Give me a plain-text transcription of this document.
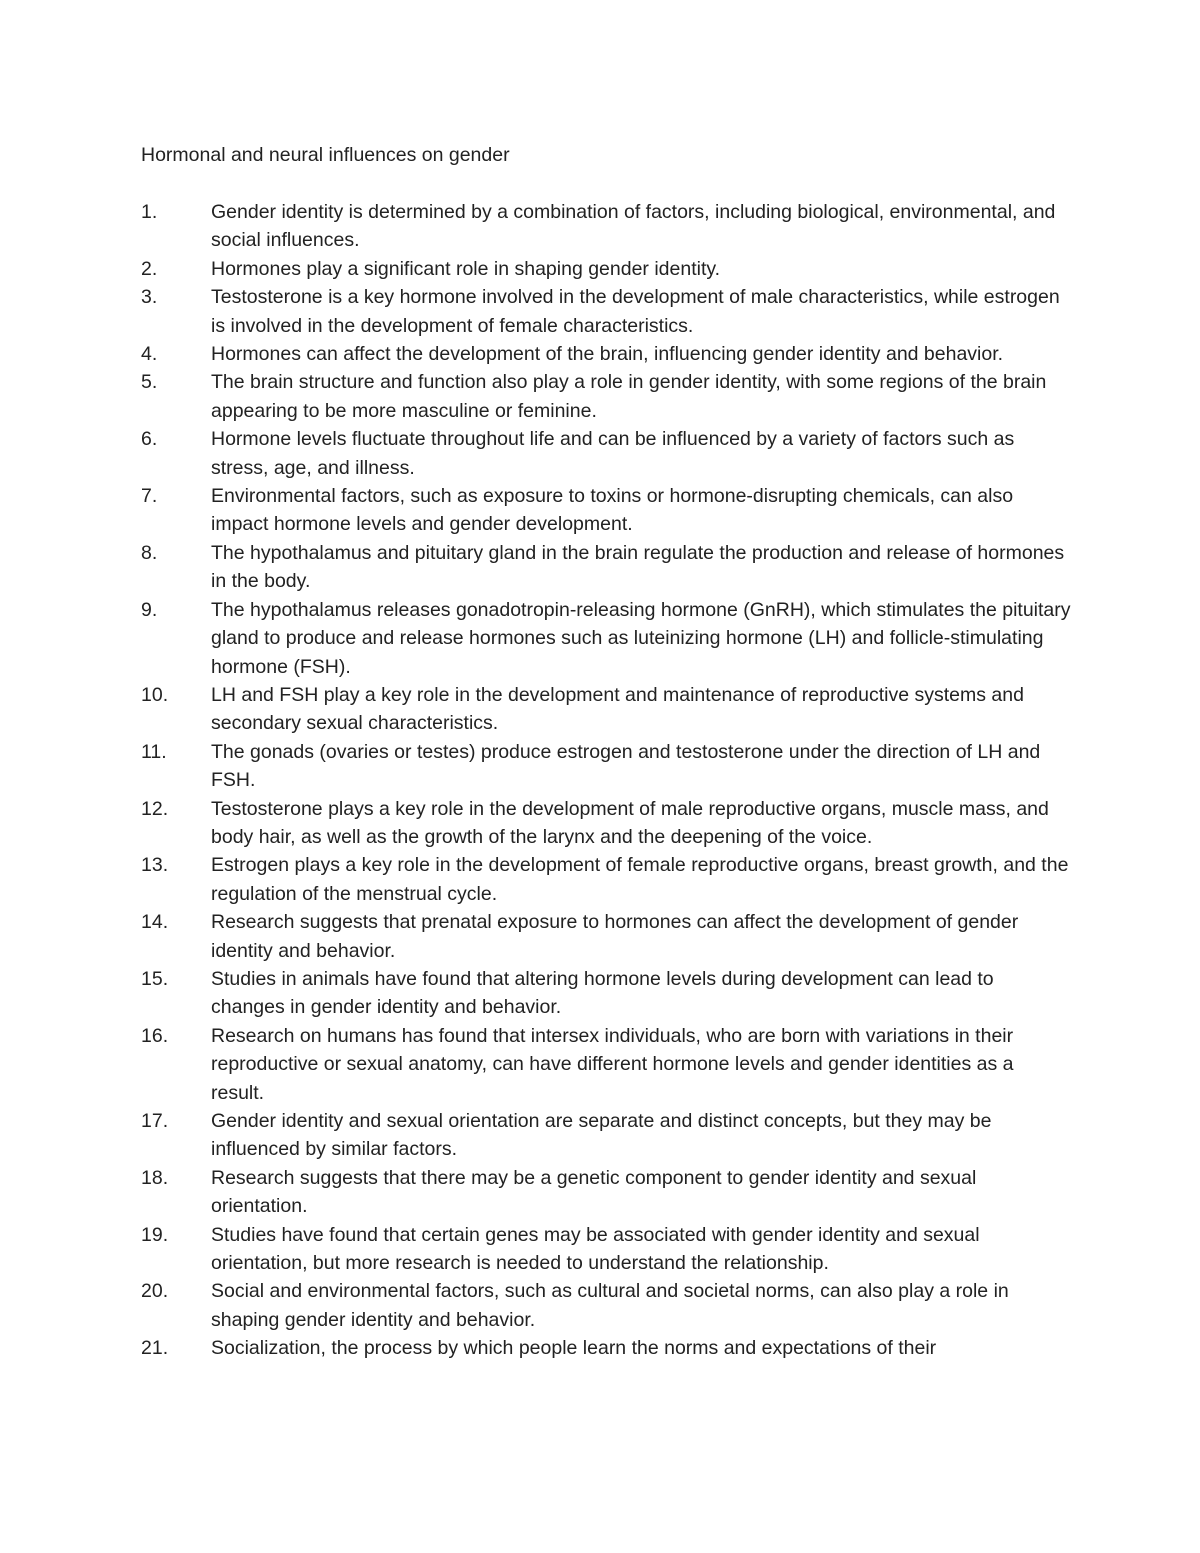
Hormonal and neural influences on gender
1.	Gender identity is determined by a combination of factors, including biological, environmental, and social influences.
2.	Hormones play a significant role in shaping gender identity.
3.	Testosterone is a key hormone involved in the development of male characteristics, while estrogen is involved in the development of female characteristics.
4.	Hormones can affect the development of the brain, influencing gender identity and behavior.
5.	The brain structure and function also play a role in gender identity, with some regions of the brain appearing to be more masculine or feminine.
6.	Hormone levels fluctuate throughout life and can be influenced by a variety of factors such as stress, age, and illness.
7.	Environmental factors, such as exposure to toxins or hormone-disrupting chemicals, can also impact hormone levels and gender development.
8.	The hypothalamus and pituitary gland in the brain regulate the production and release of hormones in the body.
9.	The hypothalamus releases gonadotropin-releasing hormone (GnRH), which stimulates the pituitary gland to produce and release hormones such as luteinizing hormone (LH) and follicle-stimulating hormone (FSH).
10.	LH and FSH play a key role in the development and maintenance of reproductive systems and secondary sexual characteristics.
11.	The gonads (ovaries or testes) produce estrogen and testosterone under the direction of LH and FSH.
12.	Testosterone plays a key role in the development of male reproductive organs, muscle mass, and body hair, as well as the growth of the larynx and the deepening of the voice.
13.	Estrogen plays a key role in the development of female reproductive organs, breast growth, and the regulation of the menstrual cycle.
14.	Research suggests that prenatal exposure to hormones can affect the development of gender identity and behavior.
15.	Studies in animals have found that altering hormone levels during development can lead to changes in gender identity and behavior.
16.	Research on humans has found that intersex individuals, who are born with variations in their reproductive or sexual anatomy, can have different hormone levels and gender identities as a result.
17.	Gender identity and sexual orientation are separate and distinct concepts, but they may be influenced by similar factors.
18.	Research suggests that there may be a genetic component to gender identity and sexual orientation.
19.	Studies have found that certain genes may be associated with gender identity and sexual orientation, but more research is needed to understand the relationship.
20.	Social and environmental factors, such as cultural and societal norms, can also play a role in shaping gender identity and behavior.
21.	Socialization, the process by which people learn the norms and expectations of their
